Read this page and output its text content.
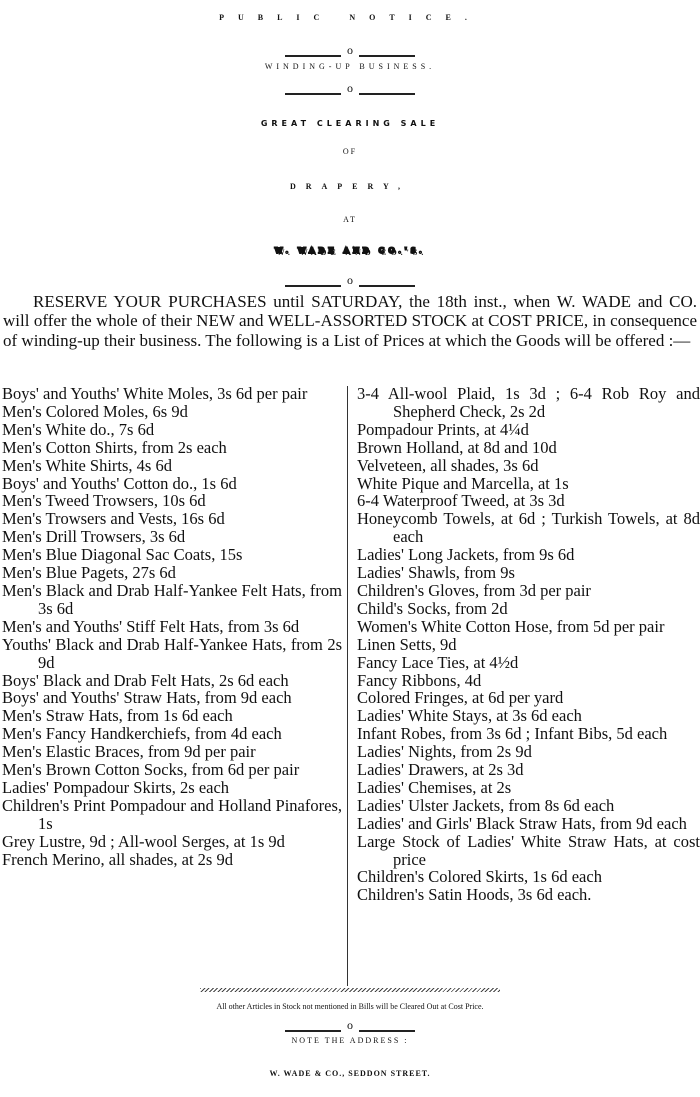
PUBLIC NOTICE.
o
WINDING-UP BUSINESS.
o
GREAT CLEARING SALE
OF
DRAPERY,
AT
W. WADE AND CO.'S.
o
RESERVE YOUR PURCHASES until SATURDAY, the 18th inst., when W. WADE and CO. will offer the whole of their NEW and WELL-ASSORTED STOCK at COST PRICE, in consequence of winding-up their business. The following is a List of Prices at which the Goods will be offered :—
Boys' and Youths' White Moles, 3s 6d per pair
Men's Colored Moles, 6s 9d
Men's White do., 7s 6d
Men's Cotton Shirts, from 2s each
Men's White Shirts, 4s 6d
Boys' and Youths' Cotton do., 1s 6d
Men's Tweed Trowsers, 10s 6d
Men's Trowsers and Vests, 16s 6d
Men's Drill Trowsers, 3s 6d
Men's Blue Diagonal Sac Coats, 15s
Men's Blue Pagets, 27s 6d
Men's Black and Drab Half-Yankee Felt Hats, from 3s 6d
Men's and Youths' Stiff Felt Hats, from 3s 6d
Youths' Black and Drab Half-Yankee Hats, from 2s 9d
Boys' Black and Drab Felt Hats, 2s 6d each
Boys' and Youths' Straw Hats, from 9d each
Men's Straw Hats, from 1s 6d each
Men's Fancy Handkerchiefs, from 4d each
Men's Elastic Braces, from 9d per pair
Men's Brown Cotton Socks, from 6d per pair
Ladies' Pompadour Skirts, 2s each
Children's Print Pompadour and Holland Pinafores, 1s
Grey Lustre, 9d ; All-wool Serges, at 1s 9d
French Merino, all shades, at 2s 9d
3-4 All-wool Plaid, 1s 3d ; 6-4 Rob Roy and Shepherd Check, 2s 2d
Pompadour Prints, at 4¼d
Brown Holland, at 8d and 10d
Velveteen, all shades, 3s 6d
White Pique and Marcella, at 1s
6-4 Waterproof Tweed, at 3s 3d
Honeycomb Towels, at 6d ; Turkish Towels, at 8d each
Ladies' Long Jackets, from 9s 6d
Ladies' Shawls, from 9s
Children's Gloves, from 3d per pair
Child's Socks, from 2d
Women's White Cotton Hose, from 5d per pair
Linen Setts, 9d
Fancy Lace Ties, at 4½d
Fancy Ribbons, 4d
Colored Fringes, at 6d per yard
Ladies' White Stays, at 3s 6d each
Infant Robes, from 3s 6d ; Infant Bibs, 5d each
Ladies' Nights, from 2s 9d
Ladies' Drawers, at 2s 3d
Ladies' Chemises, at 2s
Ladies' Ulster Jackets, from 8s 6d each
Ladies' and Girls' Black Straw Hats, from 9d each
Large Stock of Ladies' White Straw Hats, at cost price
Children's Colored Skirts, 1s 6d each
Children's Satin Hoods, 3s 6d each.
All other Articles in Stock not mentioned in Bills will be Cleared Out at Cost Price.
o
NOTE THE ADDRESS :
W. WADE & CO., SEDDON STREET.
